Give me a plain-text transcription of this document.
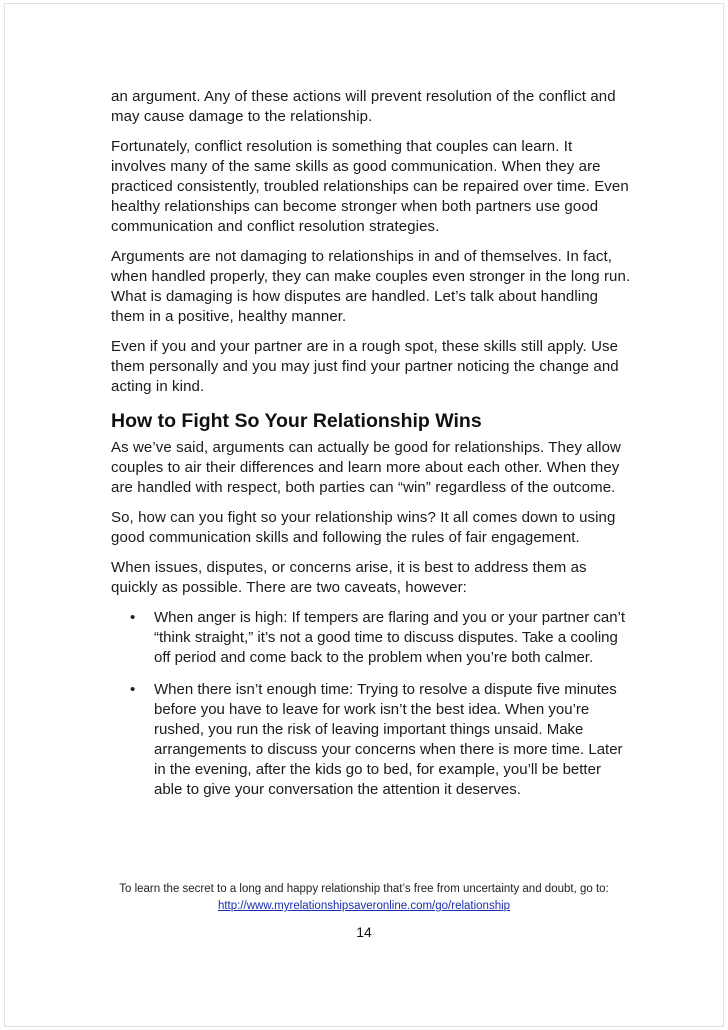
an argument. Any of these actions will prevent resolution of the conflict and may cause damage to the relationship.

Fortunately, conflict resolution is something that couples can learn. It involves many of the same skills as good communication. When they are practiced consistently, troubled relationships can be repaired over time. Even healthy relationships can become stronger when both partners use good communication and conflict resolution strategies.

Arguments are not damaging to relationships in and of themselves. In fact, when handled properly, they can make couples even stronger in the long run. What is damaging is how disputes are handled. Let’s talk about handling them in a positive, healthy manner.

Even if you and your partner are in a rough spot, these skills still apply. Use them personally and you may just find your partner noticing the change and acting in kind.

How to Fight So Your Relationship Wins

As we’ve said, arguments can actually be good for relationships. They allow couples to air their differences and learn more about each other. When they are handled with respect, both parties can “win” regardless of the outcome.

So, how can you fight so your relationship wins? It all comes down to using good communication skills and following the rules of fair engagement.

When issues, disputes, or concerns arise, it is best to address them as quickly as possible. There are two caveats, however:

• When anger is high: If tempers are flaring and you or your partner can’t “think straight,” it’s not a good time to discuss disputes. Take a cooling off period and come back to the problem when you’re both calmer.
• When there isn’t enough time: Trying to resolve a dispute five minutes before you have to leave for work isn’t the best idea. When you’re rushed, you run the risk of leaving important things unsaid. Make arrangements to discuss your concerns when there is more time. Later in the evening, after the kids go to bed, for example, you’ll be better able to give your conversation the attention it deserves.
To learn the secret to a long and happy relationship that’s free from uncertainty and doubt, go to:
http://www.myrelationshipsaveronline.com/go/relationship
14
